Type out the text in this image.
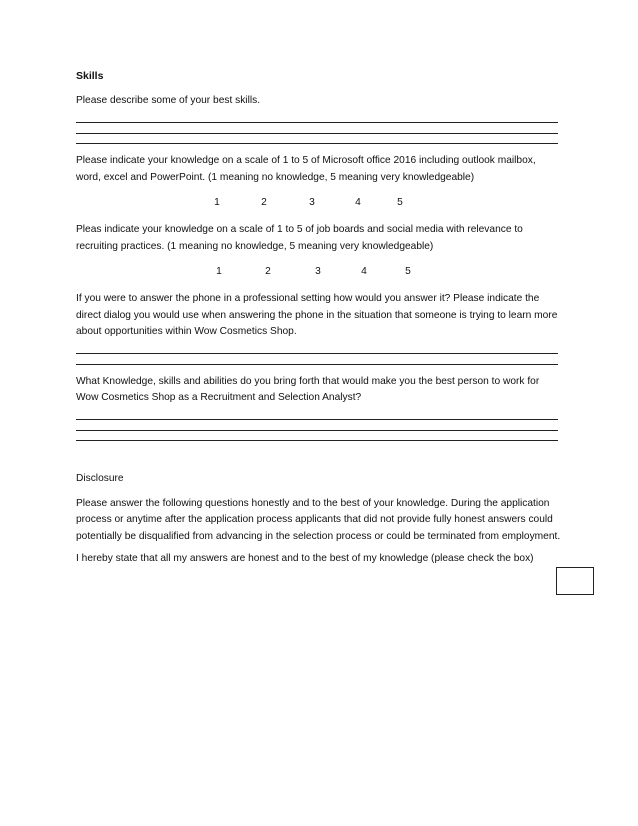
Skills

Please describe some of your best skills.

Please indicate your knowledge on a scale of 1 to 5 of Microsoft office 2016 including outlook mailbox, word, excel and PowerPoint. (1 meaning no knowledge, 5 meaning very knowledgeable)

1	2	3	4	5

Pleas indicate your knowledge on a scale of 1 to 5 of job boards and social media with relevance to recruiting practices. (1 meaning no knowledge, 5 meaning very knowledgeable)

1	2	3	4	5

If you were to answer the phone in a professional setting how would you answer it? Please indicate the direct dialog you would use when answering the phone in the situation that someone is trying to learn more about opportunities within Wow Cosmetics Shop.

What Knowledge, skills and abilities do you bring forth that would make you the best person to work for Wow Cosmetics Shop as a Recruitment and Selection Analyst?

Disclosure

Please answer the following questions honestly and to the best of your knowledge. During the application process or anytime after the application process applicants that did not provide fully honest answers could potentially be disqualified from advancing in the selection process or could be terminated from employment.

I hereby state that all my answers are honest and to the best of my knowledge (please check the box)
